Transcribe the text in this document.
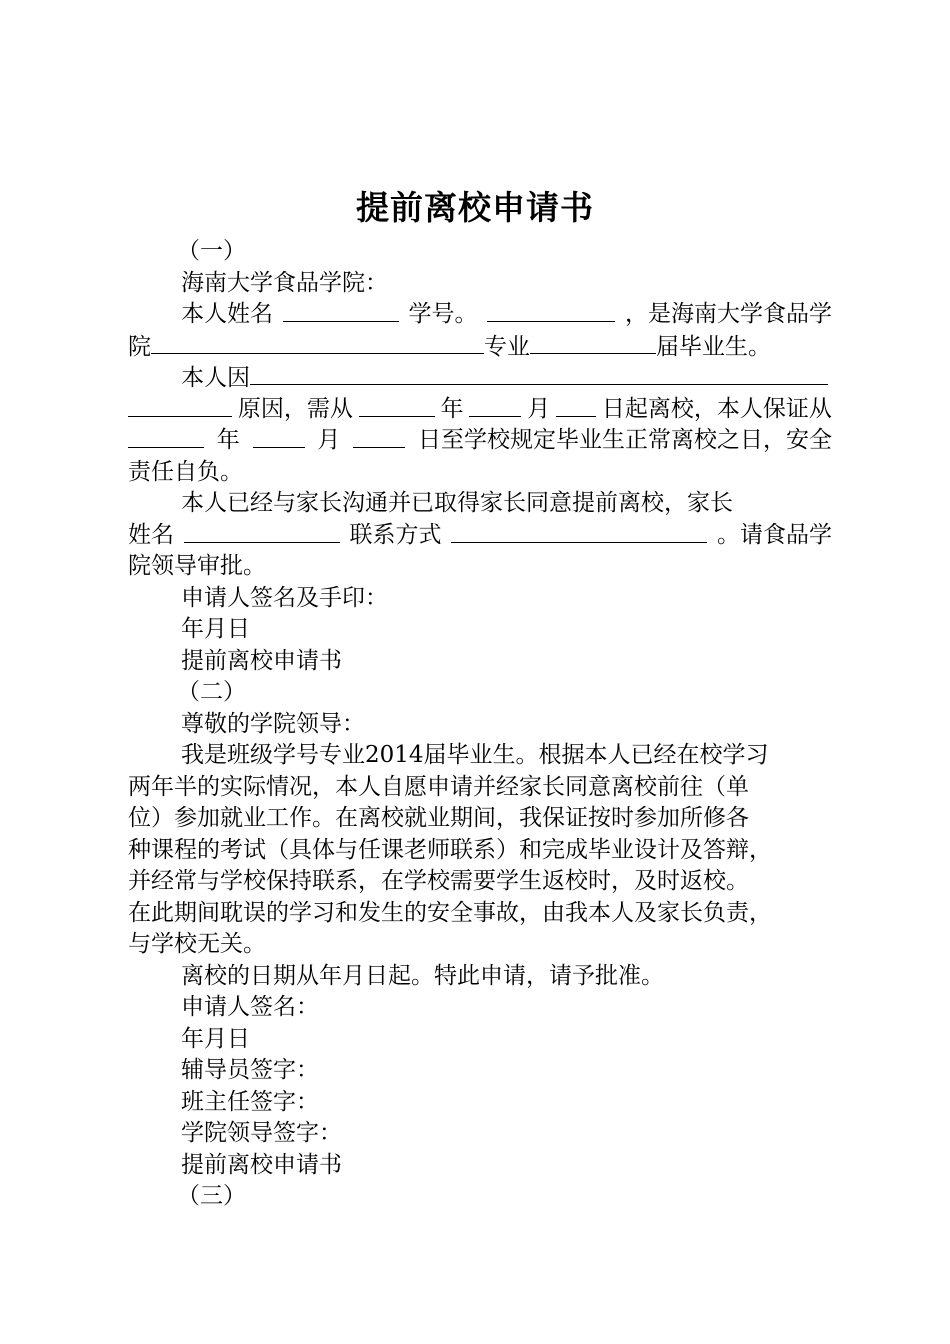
提前离校申请书
（一）
海南大学食品学院：
本人姓名	学号。	，是海南大学食品学
院	专业	届毕业生。
本人因
原因，需从	年	月 日起离校，本人保证从
年	月	日至学校规定毕业生正常离校之日，安全
责任自负。
本人已经与家长沟通并已取得家长同意提前离校，家长
姓名	联系方式	。请食品学
院领导审批。
申请人签名及手印：
年月日
提前离校申请书
（二）
尊敬的学院领导：
我是班级学号专业2014届毕业生。根据本人已经在校学习
两年半的实际情况，本人自愿申请并经家长同意离校前往（单
位）参加就业工作。在离校就业期间，我保证按时参加所修各
种课程的考试（具体与任课老师联系）和完成毕业设计及答辩，
并经常与学校保持联系，在学校需要学生返校时，及时返校。
在此期间耽误的学习和发生的安全事故，由我本人及家长负责，
与学校无关。
离校的日期从年月日起。特此申请，请予批准。
申请人签名：
年月日
辅导员签字：
班主任签字：
学院领导签字：
提前离校申请书
（三）
